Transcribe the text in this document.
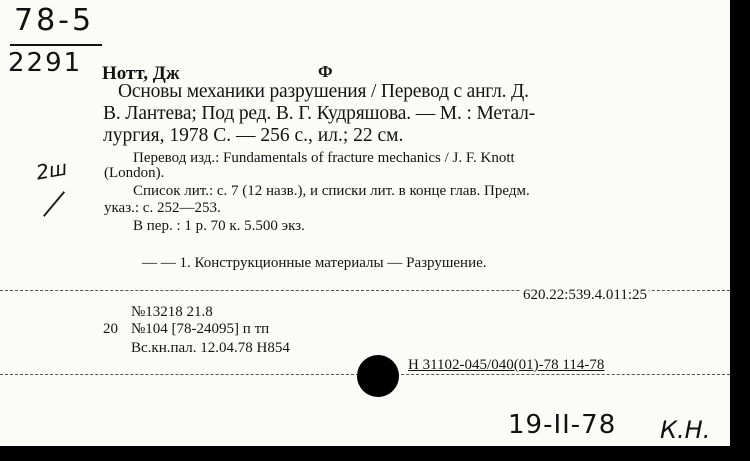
78-5
2291 Нотт, Дж	Ф
Основы механики разрушения / Перевод с англ. Д.
В. Лантева; Под ред. В. Г. Кудряшова. — М. : Метал-
лургия, 1978 С. — 256 с., ил.; 22 см.
2ш	Перевод изд.: Fundamentals of fracture mechanics / J. F. Knott
(London).
Список лит.: с. 7 (12 назв.), и списки лит. в конце глав. Предм.
указ.: с. 252—253.
В пер. : 1 р. 70 к. 5.500 экз.
— — 1. Конструкционные материалы — Разрушение.
620.22:539.4.011:25
№13218 21.8
20 №104 [78-24095] п тп
Вс.кн.пал. 12.04.78 Н854
Н 31102-045/040(01)-78 114-78
19-II-78 К.Н.
